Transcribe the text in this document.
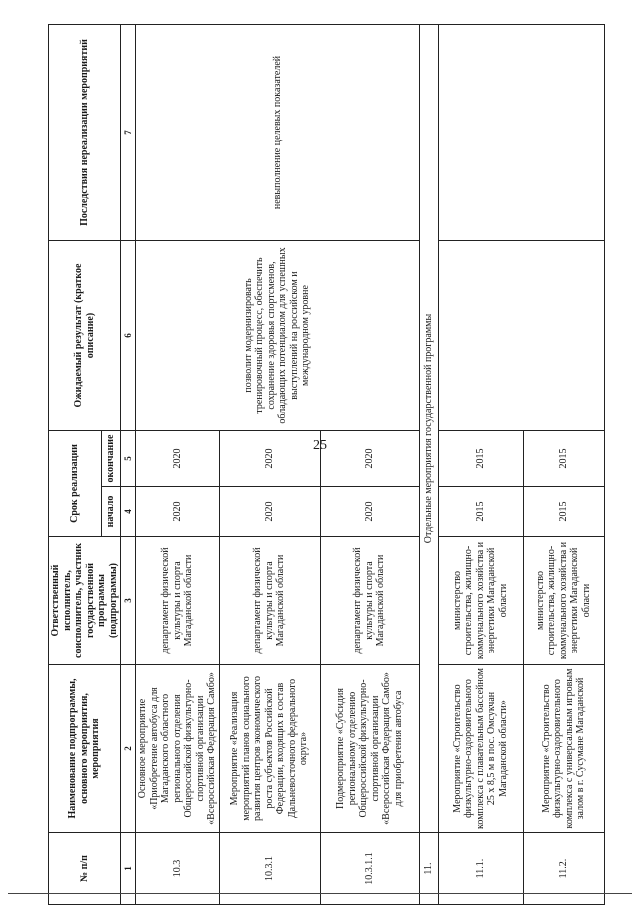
25
№ п/п	Наименование подпрограммы, основного мероприятия, мероприятия	Ответственный исполнитель, соисполнитель, участник государственной программы (подпрограммы)	Срок реализации		Ожидаемый результат (краткое описание)	Последствия нереализации мероприятий
			начало	окончание		
1	2	3	4	5	6	7
10.3	Основное мероприятие «Приобретение автобуса для Магаданского областного регионального отделения Общероссийской физкультурно-спортивной организации «Всероссийская Федерация Самбо»	департамент физической культуры и спорта Магаданской области	2020	2020	позволит модернизировать тренировочный процесс, обеспечить сохранение здоровья спортсменов, обладающих потенциалом для успешных выступлений на российском и международном уровне	невыполнение целевых показателей
10.3.1	Мероприятие «Реализация мероприятий планов социального развития центров экономического роста субъектов Российской Федерации, входящих в состав Дальневосточного федерального округа»	департамент физической культуры и спорта Магаданской области	2020	2020		
10.3.1.1	Подмероприятие «Субсидия региональному отделению Общероссийской физкультурно-спортивной организации «Всероссийская Федерация Самбо» для приобретения автобуса	департамент физической культуры и спорта Магаданской области	2020	2020		
11.	Отдельные мероприятия государственной программы					
11.1.	Мероприятие «Строительство физкультурно-оздоровительного комплекса с плавательным бассейном 25 х 8,5 м в пос. Омсукчан Магаданской области»	министерство строительства, жилищно-коммунального хозяйства и энергетики Магаданской области	2015	2015		
11.2.	Мероприятие «Строительство физкультурно-оздоровительного комплекса с универсальным игровым залом в г. Сусумане Магаданской	министерство строительства, жилищно-коммунального хозяйства и энергетики Магаданской области	2015	2015		
